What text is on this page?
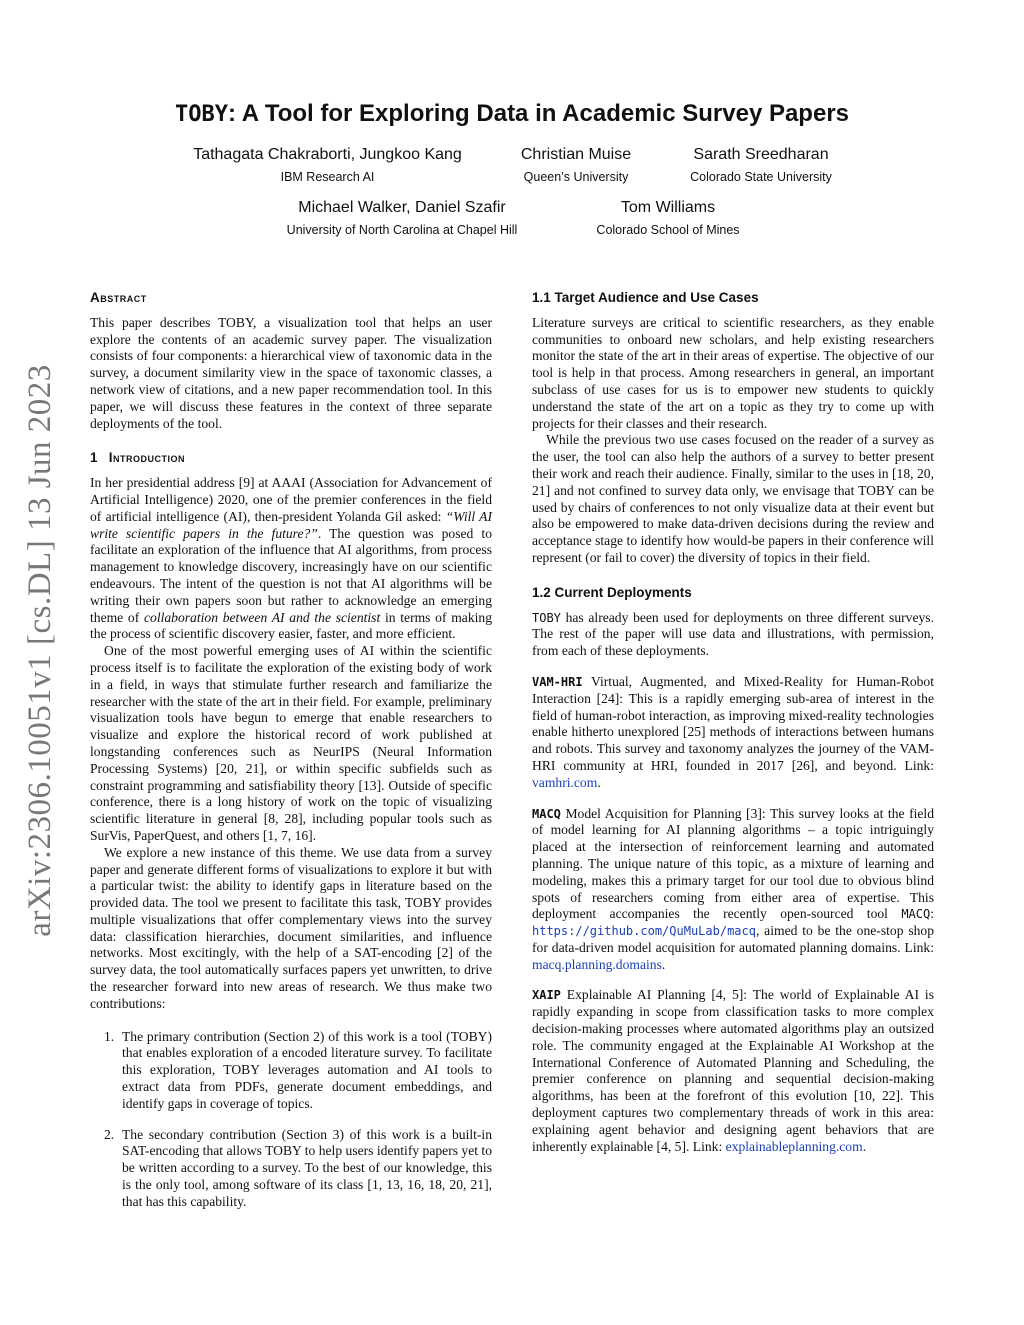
arXiv:2306.10051v1 [cs.DL] 13 Jun 2023
TOBY: A Tool for Exploring Data in Academic Survey Papers
Tathagata Chakraborti, Jungkoo Kang
IBM Research AI
Christian Muise
Queen’s University
Sarath Sreedharan
Colorado State University
Michael Walker, Daniel Szafir
University of North Carolina at Chapel Hill
Tom Williams
Colorado School of Mines
Abstract

This paper describes TOBY, a visualization tool that helps an user explore the contents of an academic survey paper. The visualization consists of four components: a hierarchical view of taxonomic data in the survey, a document similarity view in the space of taxonomic classes, a network view of citations, and a new paper recommendation tool. In this paper, we will discuss these features in the context of three separate deployments of the tool.

1 Introduction

In her presidential address [9] at AAAI (Association for Advancement of Artificial Intelligence) 2020, one of the premier conferences in the field of artificial intelligence (AI), then-president Yolanda Gil asked: “Will AI write scientific papers in the future?”. The question was posed to facilitate an exploration of the influence that AI algorithms, from process management to knowledge discovery, increasingly have on our scientific endeavours. The intent of the question is not that AI algorithms will be writing their own papers soon but rather to acknowledge an emerging theme of collaboration between AI and the scientist in terms of making the process of scientific discovery easier, faster, and more efficient.

One of the most powerful emerging uses of AI within the scientific process itself is to facilitate the exploration of the existing body of work in a field, in ways that stimulate further research and familiarize the researcher with the state of the art in their field. For example, preliminary visualization tools have begun to emerge that enable researchers to visualize and explore the historical record of work published at longstanding conferences such as NeurIPS (Neural Information Processing Systems) [20, 21], or within specific subfields such as constraint programming and satisfiability theory [13]. Outside of specific conference, there is a long history of work on the topic of visualizing scientific literature in general [8, 28], including popular tools such as SurVis, PaperQuest, and others [1, 7, 16].

We explore a new instance of this theme. We use data from a survey paper and generate different forms of visualizations to explore it but with a particular twist: the ability to identify gaps in literature based on the provided data. The tool we present to facilitate this task, TOBY provides multiple visualizations that offer complementary views into the survey data: classification hierarchies, document similarities, and influence networks. Most excitingly, with the help of a SAT-encoding [2] of the survey data, the tool automatically surfaces papers yet unwritten, to drive the researcher forward into new areas of research. We thus make two contributions:

1. The primary contribution (Section 2) of this work is a tool (TOBY) that enables exploration of a encoded literature survey. To facilitate this exploration, TOBY leverages automation and AI tools to extract data from PDFs, generate document embeddings, and identify gaps in coverage of topics.
2. The secondary contribution (Section 3) of this work is a built-in SAT-encoding that allows TOBY to help users identify papers yet to be written according to a survey. To the best of our knowledge, this is the only tool, among software of its class [1, 13, 16, 18, 20, 21], that has this capability.
1.1 Target Audience and Use Cases

Literature surveys are critical to scientific researchers, as they enable communities to onboard new scholars, and help existing researchers monitor the state of the art in their areas of expertise. The objective of our tool is help in that process. Among researchers in general, an important subclass of use cases for us is to empower new students to quickly understand the state of the art on a topic as they try to come up with projects for their classes and their research.

While the previous two use cases focused on the reader of a survey as the user, the tool can also help the authors of a survey to better present their work and reach their audience. Finally, similar to the uses in [18, 20, 21] and not confined to survey data only, we envisage that TOBY can be used by chairs of conferences to not only visualize data at their event but also be empowered to make data-driven decisions during the review and acceptance stage to identify how would-be papers in their conference will represent (or fail to cover) the diversity of topics in their field.

1.2 Current Deployments

TOBY has already been used for deployments on three different surveys. The rest of the paper will use data and illustrations, with permission, from each of these deployments.

VAM-HRI Virtual, Augmented, and Mixed-Reality for Human-Robot Interaction [24]: This is a rapidly emerging sub-area of interest in the field of human-robot interaction, as improving mixed-reality technologies enable hitherto unexplored [25] methods of interactions between humans and robots. This survey and taxonomy analyzes the journey of the VAM-HRI community at HRI, founded in 2017 [26], and beyond. Link: vamhri.com.

MACQ Model Acquisition for Planning [3]: This survey looks at the field of model learning for AI planning algorithms – a topic intriguingly placed at the intersection of reinforcement learning and automated planning. The unique nature of this topic, as a mixture of learning and modeling, makes this a primary target for our tool due to obvious blind spots of researchers coming from either area of expertise. This deployment accompanies the recently open-sourced tool MACQ: https://github.com/QuMuLab/macq, aimed to be the one-stop shop for data-driven model acquisition for automated planning domains. Link: macq.planning.domains.

XAIP Explainable AI Planning [4, 5]: The world of Explainable AI is rapidly expanding in scope from classification tasks to more complex decision-making processes where automated algorithms play an outsized role. The community engaged at the Explainable AI Workshop at the International Conference of Automated Planning and Scheduling, the premier conference on planning and sequential decision-making algorithms, has been at the forefront of this evolution [10, 22]. This deployment captures two complementary threads of work in this area: explaining agent behavior and designing agent behaviors that are inherently explainable [4, 5]. Link: explainableplanning.com.
